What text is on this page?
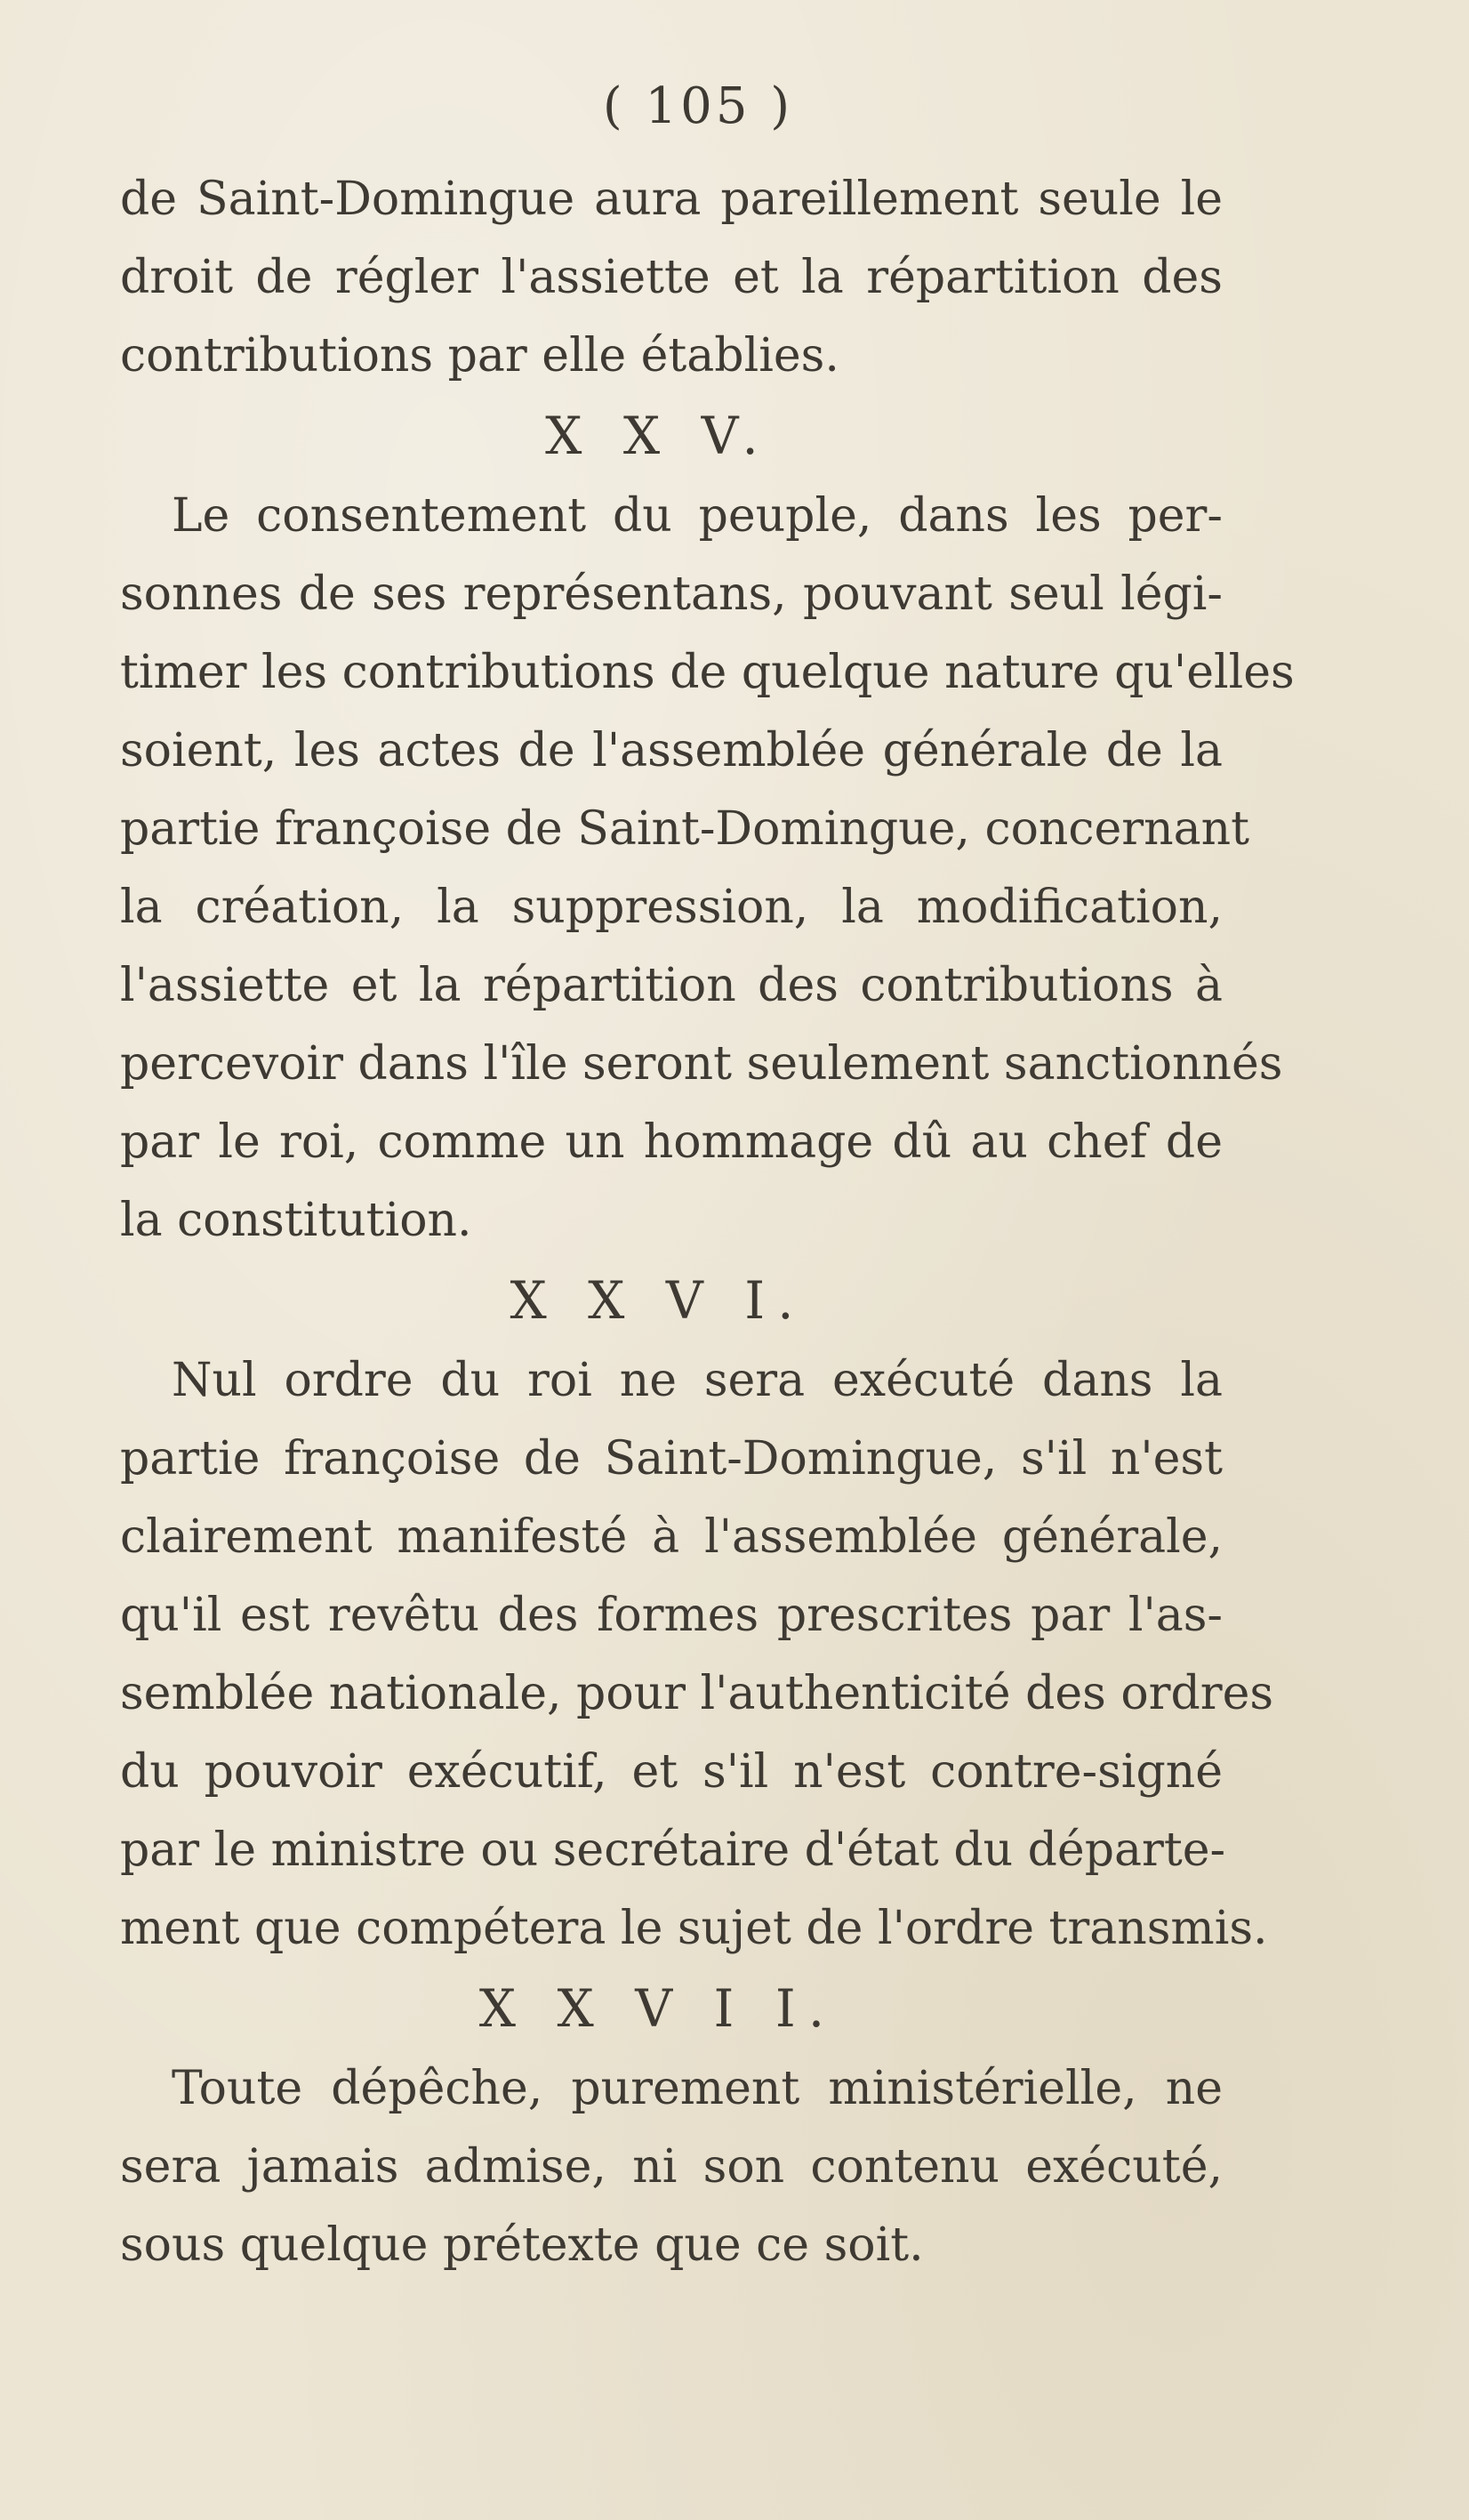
( 105 )
de Saint-Domingue aura pareillement seule le
droit de régler l'assiette et la répartition des
contributions par elle établies.
X X V.
Le consentement du peuple, dans les per-
sonnes de ses représentans, pouvant seul légi-
timer les contributions de quelque nature qu'elles
soient, les actes de l'assemblée générale de la
partie françoise de Saint-Domingue, concernant
la création, la suppression, la modification,
l'assiette et la répartition des contributions à
percevoir dans l'île seront seulement sanctionnés
par le roi, comme un hommage dû au chef de
la constitution.
X X V I.
Nul ordre du roi ne sera exécuté dans la
partie françoise de Saint-Domingue, s'il n'est
clairement manifesté à l'assemblée générale,
qu'il est revêtu des formes prescrites par l'as-
semblée nationale, pour l'authenticité des ordres
du pouvoir exécutif, et s'il n'est contre-signé
par le ministre ou secrétaire d'état du départe-
ment que compétera le sujet de l'ordre transmis.
X X V I I.
Toute dépêche, purement ministérielle, ne
sera jamais admise, ni son contenu exécuté,
sous quelque prétexte que ce soit.
